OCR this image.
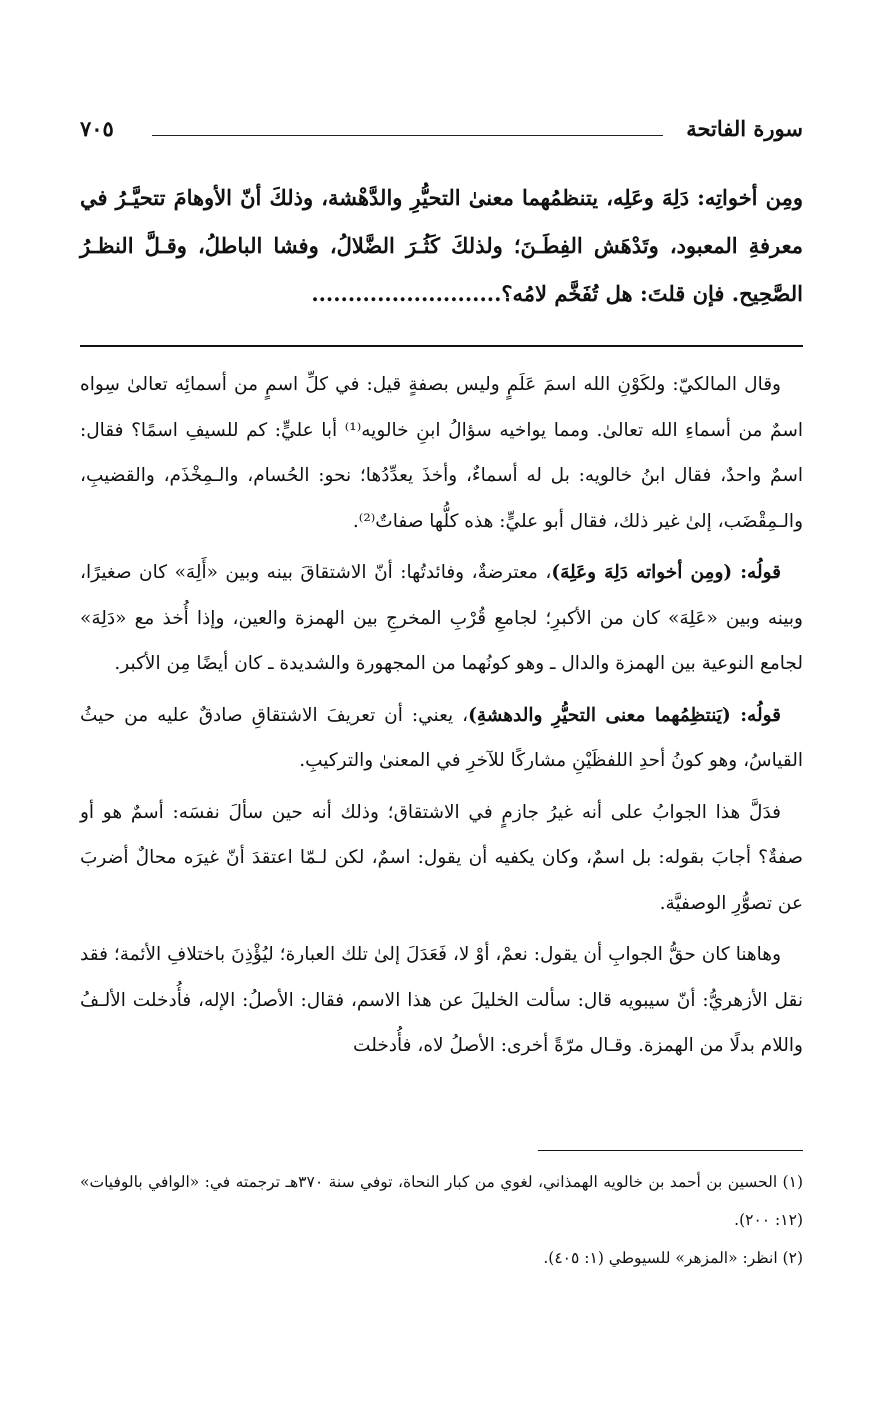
سورة الفاتحة
٧٠٥

ومِن أخواتِه: دَلِهَ وعَلِه، يتنظمُهما معنىٰ التحيُّرِ والدَّهْشة، وذلكَ أنّ الأوهامَ تتحيَّـرُ في معرفةِ المعبود، وتَدْهَش الفِطَـنَ؛ ولذلكَ كَثُـرَ الضَّلالُ، وفشا الباطلُ، وقـلَّ النظـرُ الصَّحِيح. فإن قلتَ: هل تُفَخَّم لامُه؟..........................

وقال المالكيّ: ولكَوْنِ الله اسمَ عَلَمٍ وليس بصفةٍ قيل: في كلِّ اسمٍ من أسمائِه تعالىٰ سِواه اسمٌ من أسماءِ الله تعالىٰ. ومما يواخيه سؤالُ ابنِ خالويه⁽¹⁾ أبا عليٍّ: كم للسيفِ اسمًا؟ فقال: اسمٌ واحدٌ، فقال ابنُ خالويه: بل له أسماءٌ، وأخذَ يعدِّدُها؛ نحو: الحُسام، والـمِخْذَم، والقضيبِ، والـمِقْضَب، إلىٰ غير ذلك، فقال أبو عليٍّ: هذه كلُّها صفاتٌ⁽²⁾.

قولُه: (ومِن أخواته دَلِهَ وعَلِهَ)، معترضةٌ، وفائدتُها: أنّ الاشتقاقَ بينه وبين «أَلِهَ» كان صغيرًا، وبينه وبين «عَلِهَ» كان من الأكبرِ؛ لجامعِ قُرْبِ المخرجِ بين الهمزة والعين، وإذا أُخذ مع «دَلِهَ» لجامع النوعية بين الهمزة والدال ـ وهو كونُهما من المجهورة والشديدة ـ كان أيضًا مِن الأكبر.

قولُه: (يَنتظِمُهما معنى التحيُّرِ والدهشةِ)، يعني: أن تعريفَ الاشتقاقِ صادقٌ عليه من حيثُ القياسُ، وهو كونُ أحدِ اللفظَيْنِ مشاركًا للآخرِ في المعنىٰ والتركيبِ.

فدَلَّ هذا الجوابُ على أنه غيرُ جازمٍ في الاشتقاق؛ وذلك أنه حين سألَ نفسَه: أسمٌ هو أو صفةٌ؟ أجابَ بقوله: بل اسمٌ، وكان يكفيه أن يقول: اسمٌ، لكن لـمّا اعتقدَ أنّ غيرَه محالٌ أضربَ عن تصوُّرِ الوصفيَّة.

وهاهنا كان حقُّ الجوابِ أن يقول: نعمْ، أوْ لا، فَعَدَلَ إلىٰ تلك العبارة؛ ليُؤْذِنَ باختلافِ الأئمة؛ فقد نقل الأزهريُّ: أنّ سيبويه قال: سألت الخليلَ عن هذا الاسم، فقال: الأصلُ: الإله، فأُدخلت الألـفُ واللام بدلًا من الهمزة. وقـال مرّةً أخرى: الأصلُ لاه، فأُدخلت

(١) الحسين بن أحمد بن خالويه الهمذاني، لغوي من كبار النحاة، توفي سنة ٣٧٠هـ ترجمته في: «الوافي بالوفيات» (١٢: ٢٠٠).

(٢) انظر: «المزهر» للسيوطي (١: ٤٠٥).
